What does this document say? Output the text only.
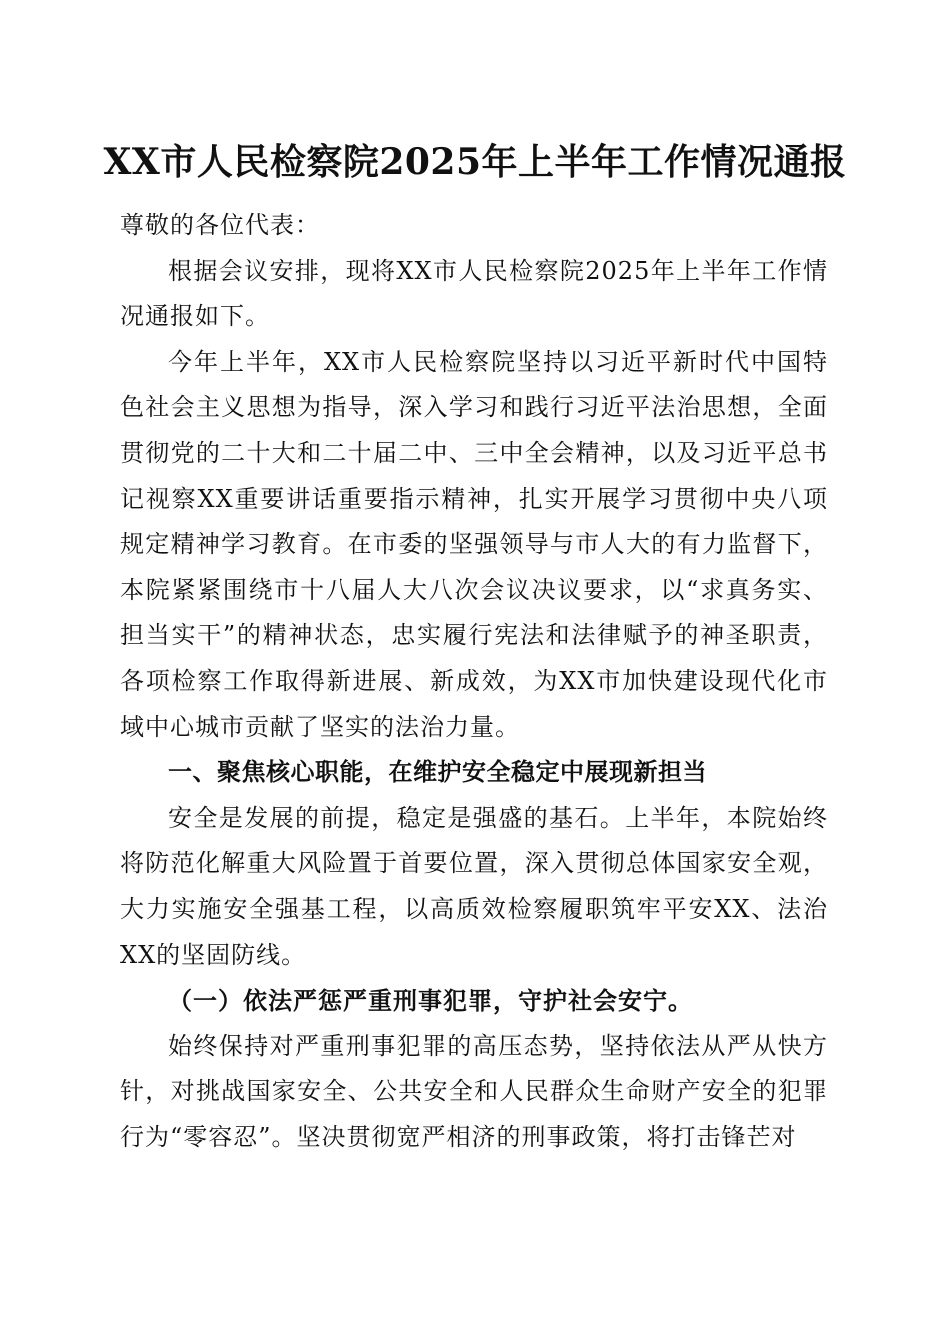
XX市人民检察院2025年上半年工作情况通报

尊敬的各位代表：

根据会议安排，现将XX市人民检察院2025年上半年工作情况通报如下。

今年上半年，XX市人民检察院坚持以习近平新时代中国特色社会主义思想为指导，深入学习和践行习近平法治思想，全面贯彻党的二十大和二十届二中、三中全会精神，以及习近平总书记视察XX重要讲话重要指示精神，扎实开展学习贯彻中央八项规定精神学习教育。在市委的坚强领导与市人大的有力监督下，本院紧紧围绕市十八届人大八次会议决议要求，以“求真务实、担当实干”的精神状态，忠实履行宪法和法律赋予的神圣职责，各项检察工作取得新进展、新成效，为XX市加快建设现代化市域中心城市贡献了坚实的法治力量。

一、聚焦核心职能，在维护安全稳定中展现新担当

安全是发展的前提，稳定是强盛的基石。上半年，本院始终将防范化解重大风险置于首要位置，深入贯彻总体国家安全观，大力实施安全强基工程，以高质效检察履职筑牢平安XX、法治XX的坚固防线。

（一）依法严惩严重刑事犯罪，守护社会安宁。

始终保持对严重刑事犯罪的高压态势，坚持依法从严从快方针，对挑战国家安全、公共安全和人民群众生命财产安全的犯罪行为“零容忍”。坚决贯彻宽严相济的刑事政策，将打击锋芒对
